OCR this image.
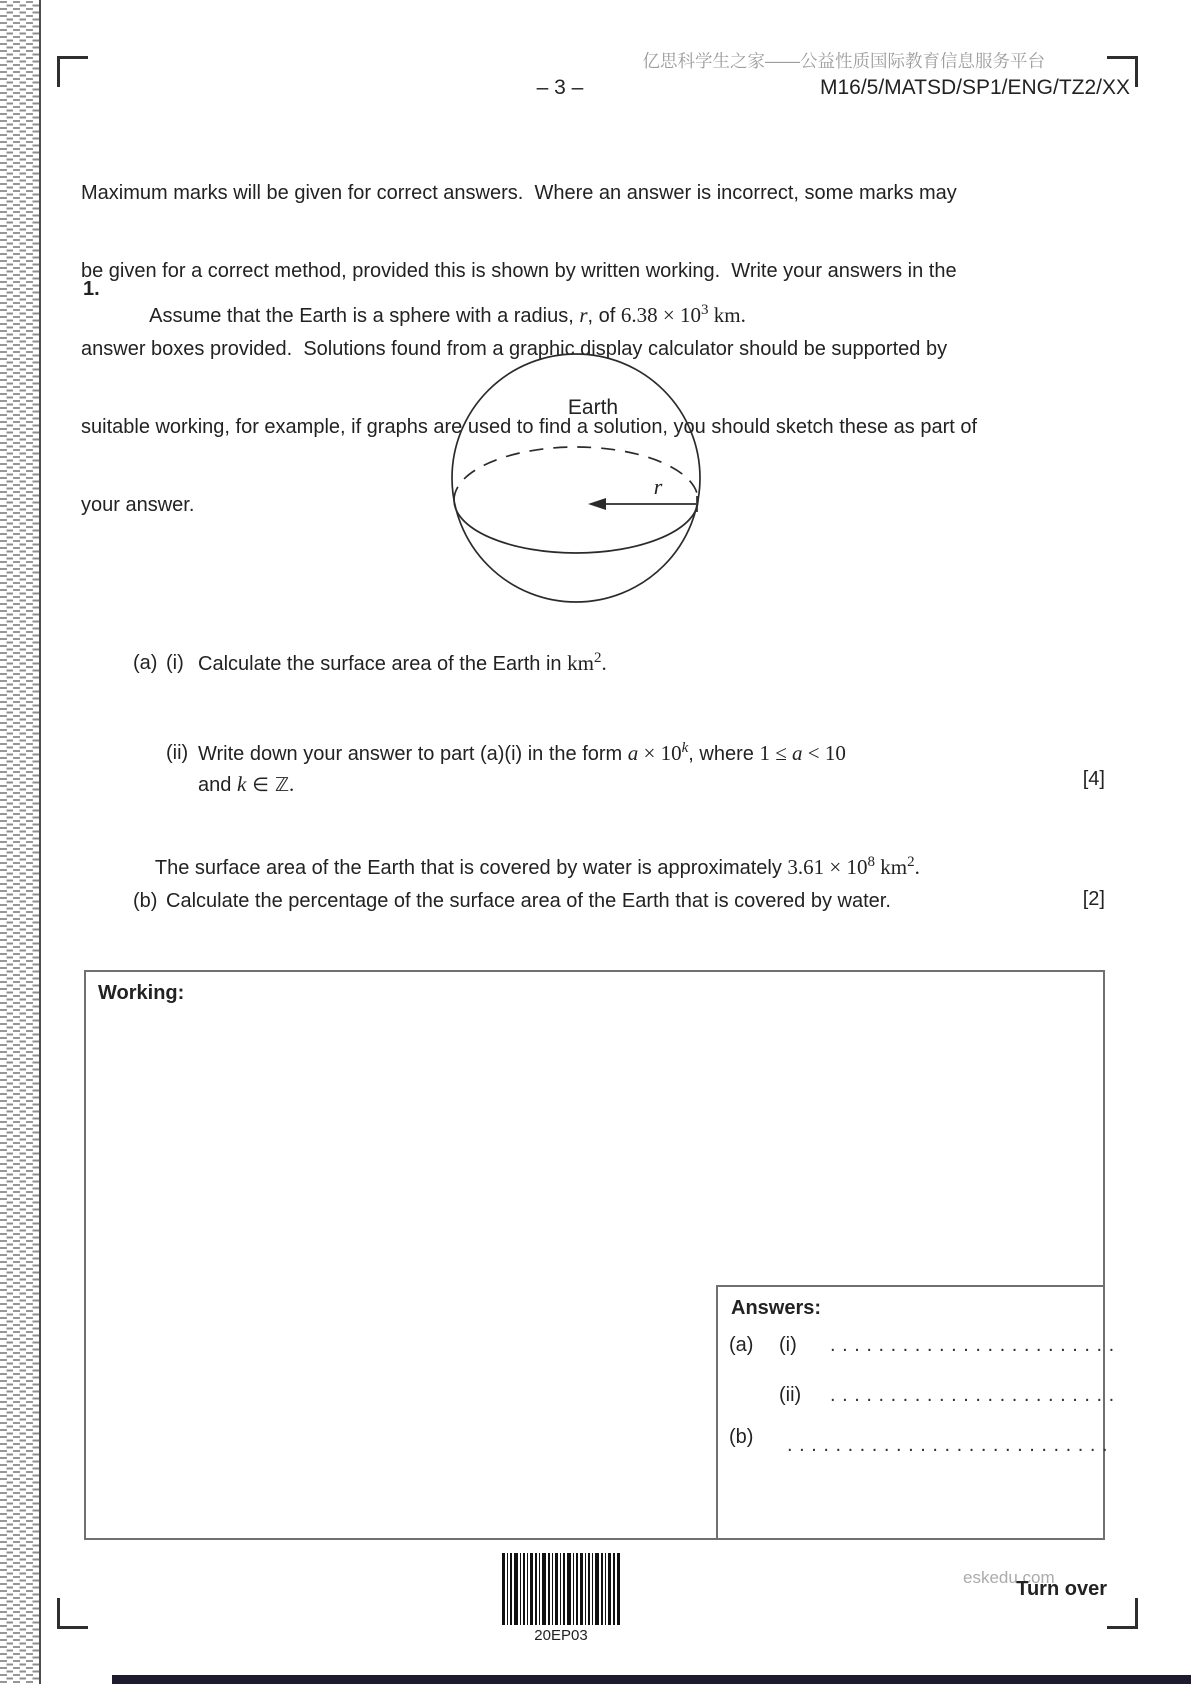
亿思科学生之家——公益性质国际教育信息服务平台
– 3 –	M16/5/MATSD/SP1/ENG/TZ2/XX

Maximum marks will be given for correct answers.  Where an answer is incorrect, some marks may

be given for a correct method, provided this is shown by written working.  Write your answers in the

answer boxes provided.  Solutions found from a graphic display calculator should be supported by

suitable working, for example, if graphs are used to find a solution, you should sketch these as part of

your answer.

1.

Assume that the Earth is a sphere with a radius, r, of $6.38 \times 10^3$ km.

Earth
r
(a) (i) Calculate the surface area of the Earth in $km^2$.
(ii) Write down your answer to part (a)(i) in the form $a \times 10^k$, where 1 ≤ a < 10
and k ∈ ℤ.	[4]

The surface area of the Earth that is covered by water is approximately $3.61 \times 10^8$ $km^2$.

(b) Calculate the percentage of the surface area of the Earth that is covered by water.	[2]
Working:
Answers:
(a) (i) . . . . . . . . . . . . . . . . . . . . . . . .
(ii) . . . . . . . . . . . . . . . . . . . . . . . .
(b) . . . . . . . . . . . . . . . . . . . . . . . . . . .
20EP03
eskedu.com
Turn over
